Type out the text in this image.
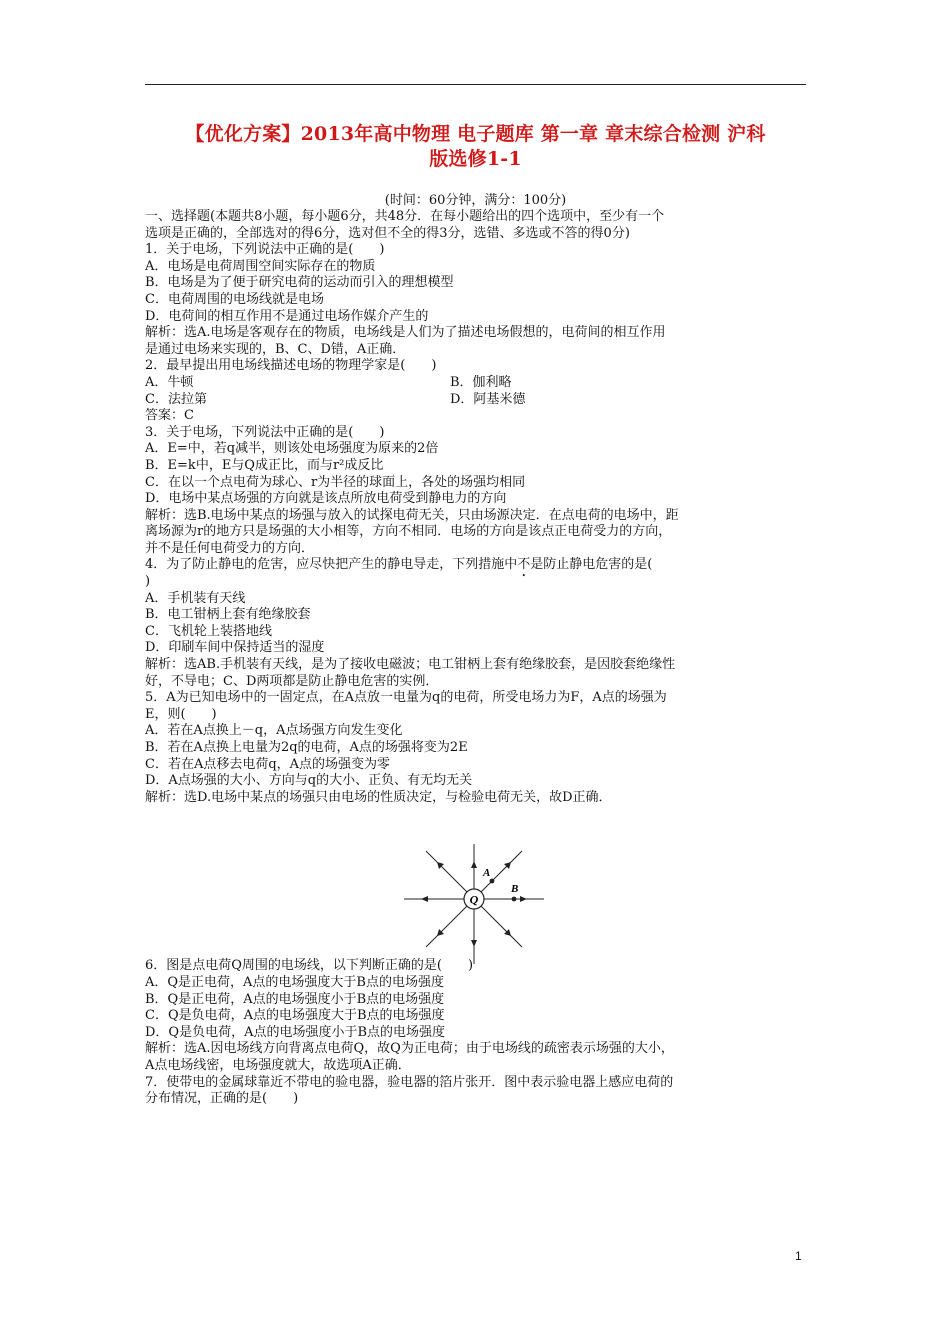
【优化方案】2013年高中物理 电子题库 第一章 章末综合检测 沪科
版选修1-1
(时间：60分钟，满分：100分)

一、选择题(本题共8小题，每小题6分，共48分．在每小题给出的四个选项中，至少有一个

选项是正确的，全部选对的得6分，选对但不全的得3分，选错、多选或不答的得0分)

1．关于电场，下列说法中正确的是(　　)

A．电场是电荷周围空间实际存在的物质

B．电场是为了便于研究电荷的运动而引入的理想模型

C．电荷周围的电场线就是电场

D．电荷间的相互作用不是通过电场作媒介产生的

解析：选A.电场是客观存在的物质，电场线是人们为了描述电场假想的，电荷间的相互作用

是通过电场来实现的，B、C、D错，A正确．

2．最早提出用电场线描述电场的物理学家是(　　)

A．牛顿	B．伽利略

C．法拉第	D．阿基米德

答案：C

3．关于电场，下列说法中正确的是(　　)

A．E=中，若q减半，则该处电场强度为原来的2倍

B．E=k中，E与Q成正比，而与r²成反比

C．在以一个点电荷为球心、r为半径的球面上，各处的场强均相同

D．电场中某点场强的方向就是该点所放电荷受到静电力的方向

解析：选B.电场中某点的场强与放入的试探电荷无关，只由场源决定．在点电荷的电场中，距

离场源为r的地方只是场强的大小相等，方向不相同．电场的方向是该点正电荷受力的方向，

并不是任何电荷受力的方向．

4．为了防止静电的危害，应尽快把产生的静电导走，下列措施中不是防止静电危害的是(

)

A．手机装有天线

B．电工钳柄上套有绝缘胶套

C．飞机轮上装搭地线

D．印刷车间中保持适当的湿度

解析：选AB.手机装有天线，是为了接收电磁波；电工钳柄上套有绝缘胶套，是因胶套绝缘性

好，不导电；C、D两项都是防止静电危害的实例．

5．A为已知电场中的一固定点，在A点放一电量为q的电荷，所受电场力为F，A点的场强为

E，则(　　)

A．若在A点换上－q，A点场强方向发生变化

B．若在A点换上电量为2q的电荷，A点的场强将变为2E

C．若在A点移去电荷q，A点的场强变为零

D．A点场强的大小、方向与q的大小、正负、有无均无关

解析：选D.电场中某点的场强只由电场的性质决定，与检验电荷无关，故D正确．

6．图是点电荷Q周围的电场线，以下判断正确的是(　　)

A．Q是正电荷，A点的电场强度大于B点的电场强度

B．Q是正电荷，A点的电场强度小于B点的电场强度

C．Q是负电荷，A点的电场强度大于B点的电场强度

D．Q是负电荷，A点的电场强度小于B点的电场强度

解析：选A.因电场线方向背离点电荷Q，故Q为正电荷；由于电场线的疏密表示场强的大小，

A点电场线密，电场强度就大，故选项A正确．

7．使带电的金属球靠近不带电的验电器，验电器的箔片张开．图中表示验电器上感应电荷的

分布情况，正确的是(　　)

Q
A
B
1
